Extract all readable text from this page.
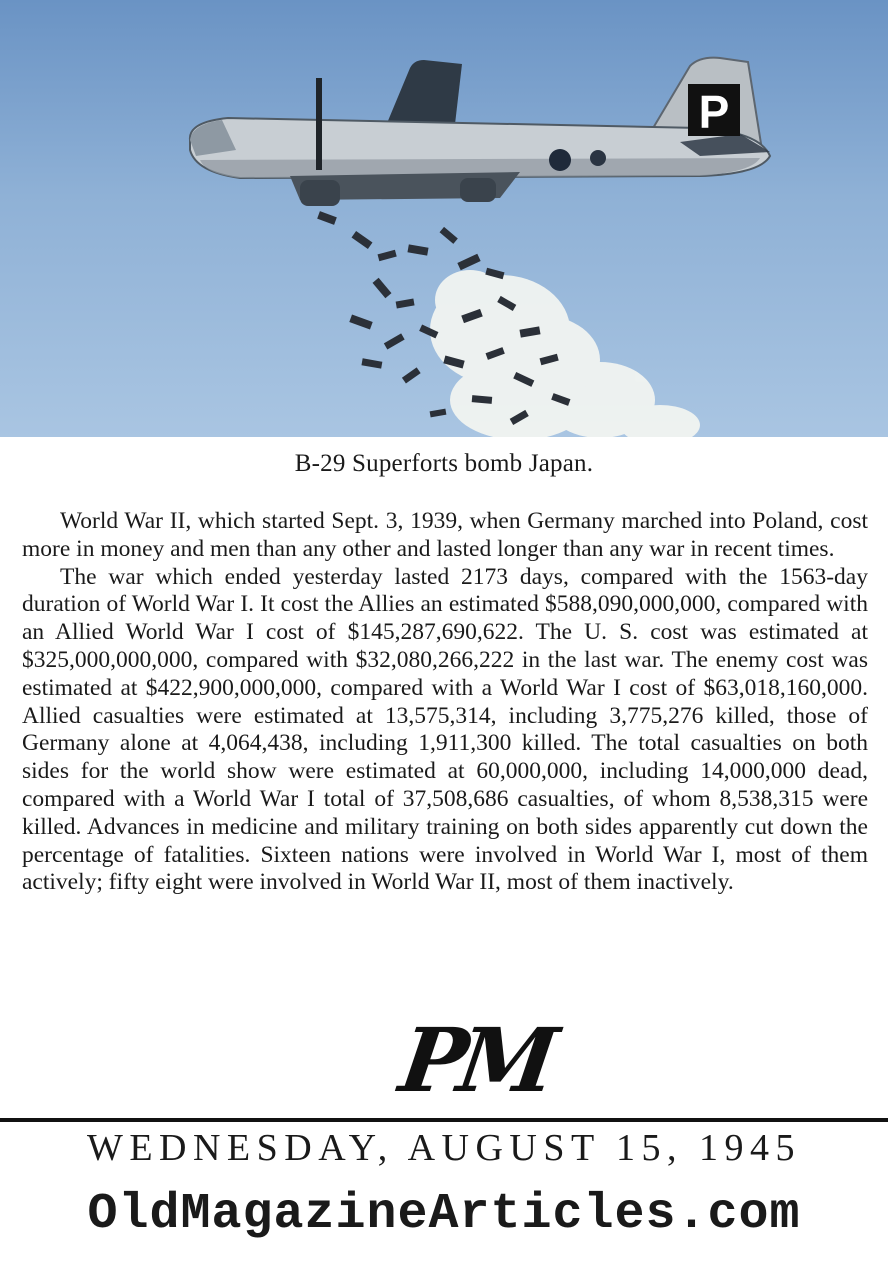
P
B-29 Superforts bomb Japan.

World War II, which started Sept. 3, 1939, when Germany marched into Poland, cost more in money and men than any other and lasted longer than any war in recent times.

The war which ended yesterday lasted 2173 days, compared with the 1563-day duration of World War I. It cost the Allies an estimated $588,090,000,000, compared with an Allied World War I cost of $145,287,690,622. The U. S. cost was estimated at $325,000,000,000, compared with $32,080,266,222 in the last war. The enemy cost was estimated at $422,900,000,000, compared with a World War I cost of $63,018,160,000. Allied casualties were estimated at 13,575,314, including 3,775,276 killed, those of Germany alone at 4,064,438, including 1,911,300 killed. The total casualties on both sides for the world show were estimated at 60,000,000, including 14,000,000 dead, compared with a World War I total of 37,508,686 casualties, of whom 8,538,315 were killed. Advances in medicine and military training on both sides apparently cut down the percentage of fatalities. Sixteen nations were involved in World War I, most of them actively; fifty eight were involved in World War II, most of them inactively.

PM
WEDNESDAY, AUGUST 15, 1945
OldMagazineArticles.com
